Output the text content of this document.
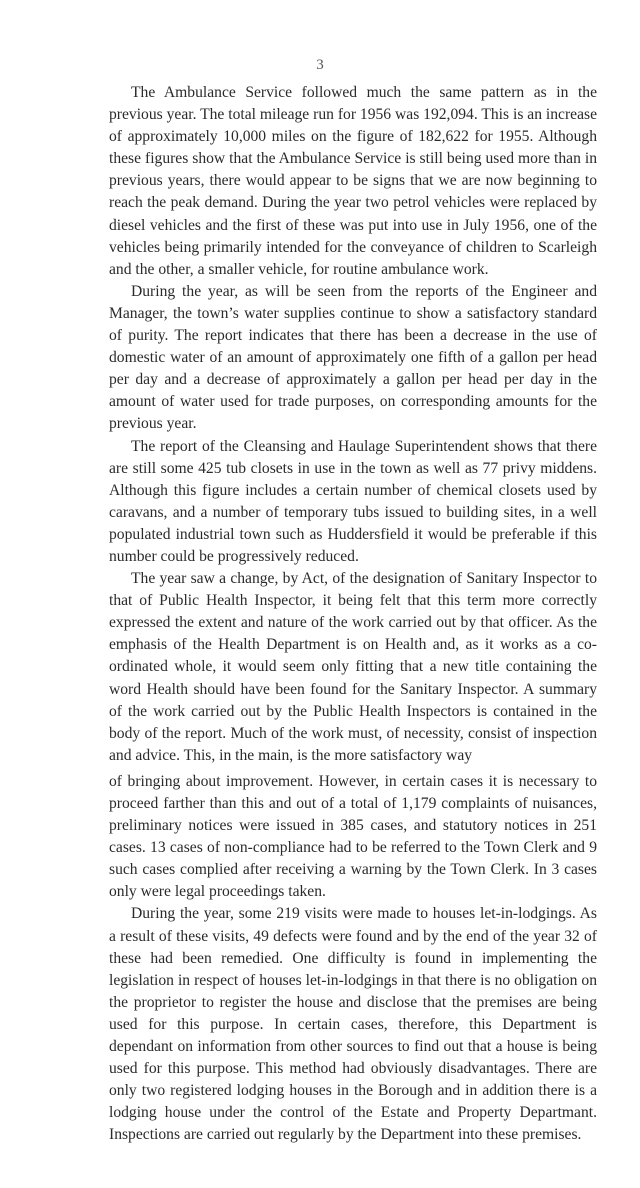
3

The Ambulance Service followed much the same pattern as in the previous year. The total mileage run for 1956 was 192,094. This is an increase of approximately 10,000 miles on the figure of 182,622 for 1955. Although these figures show that the Ambulance Service is still being used more than in previous years, there would appear to be signs that we are now beginning to reach the peak demand. During the year two petrol vehicles were replaced by diesel vehicles and the first of these was put into use in July 1956, one of the vehicles being primarily intended for the conveyance of children to Scarleigh and the other, a smaller vehicle, for routine ambulance work.

During the year, as will be seen from the reports of the Engineer and Manager, the town’s water supplies continue to show a satisfactory standard of purity. The report indicates that there has been a decrease in the use of domestic water of an amount of approximately one fifth of a gallon per head per day and a decrease of approximately a gallon per head per day in the amount of water used for trade purposes, on corresponding amounts for the previous year.

The report of the Cleansing and Haulage Superintendent shows that there are still some 425 tub closets in use in the town as well as 77 privy middens. Although this figure includes a certain number of chemical closets used by caravans, and a number of temporary tubs issued to building sites, in a well populated industrial town such as Huddersfield it would be preferable if this number could be progressively reduced.

The year saw a change, by Act, of the designation of Sanitary Inspector to that of Public Health Inspector, it being felt that this term more correctly expressed the extent and nature of the work carried out by that officer. As the emphasis of the Health Department is on Health and, as it works as a co-ordinated whole, it would seem only fitting that a new title containing the word Health should have been found for the Sanitary Inspector. A summary of the work carried out by the Public Health Inspectors is contained in the body of the report. Much of the work must, of necessity, consist of inspection and advice. This, in the main, is the more satisfactory way

of bringing about improvement. However, in certain cases it is necessary to proceed farther than this and out of a total of 1,179 complaints of nuisances, preliminary notices were issued in 385 cases, and statutory notices in 251 cases. 13 cases of non-compliance had to be referred to the Town Clerk and 9 such cases complied after receiving a warning by the Town Clerk. In 3 cases only were legal proceedings taken.

During the year, some 219 visits were made to houses let-in-lodgings. As a result of these visits, 49 defects were found and by the end of the year 32 of these had been remedied. One difficulty is found in implementing the legislation in respect of houses let-in-lodgings in that there is no obligation on the proprietor to register the house and disclose that the premises are being used for this purpose. In certain cases, therefore, this Department is dependant on information from other sources to find out that a house is being used for this purpose. This method had obviously disadvantages. There are only two registered lodging houses in the Borough and in addition there is a lodging house under the control of the Estate and Property Departmant. Inspections are carried out regularly by the Department into these premises.
